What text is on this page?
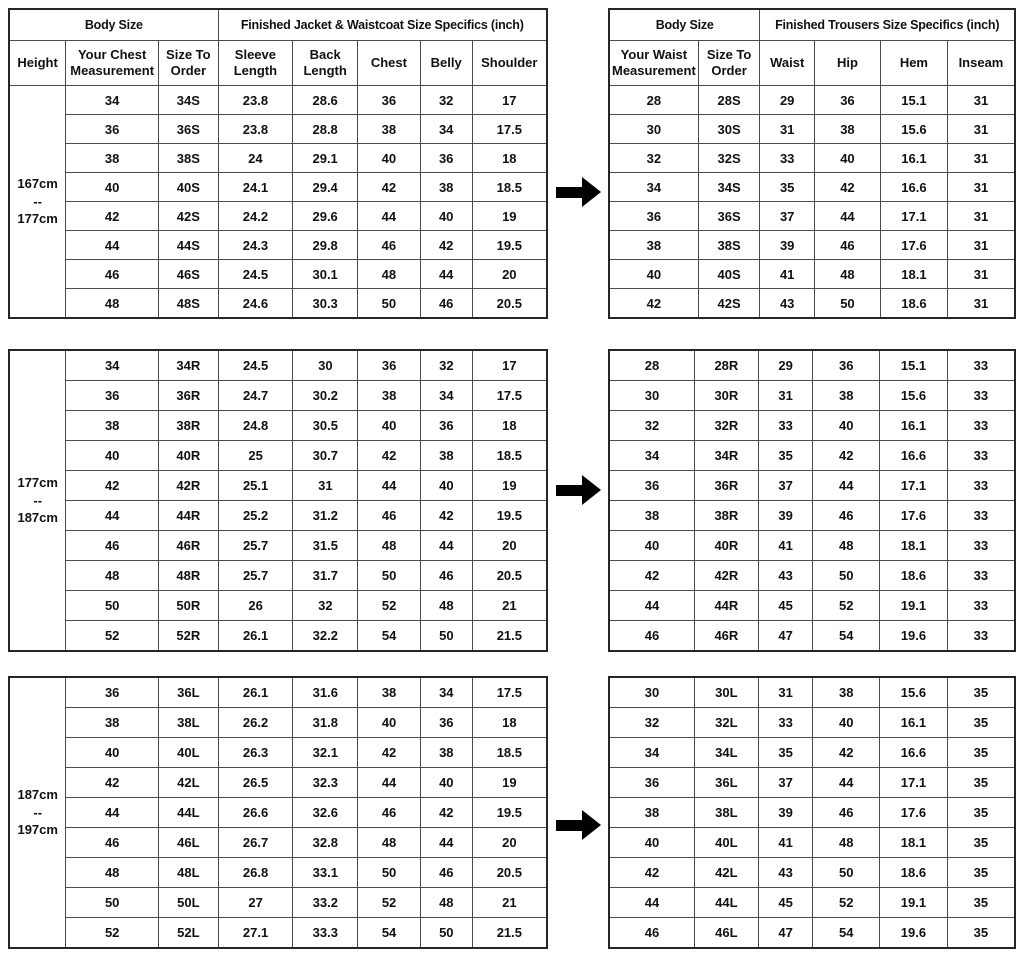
Body Size			Finished Jacket & Waistcoat Size Specifics (inch)				
Height	Your Chest Measurement	Size To Order	Sleeve Length	Back Length	Chest	Belly	Shoulder

167cm
--
177cm	34	34S	23.8	28.6	36	32	17
	36	36S	23.8	28.8	38	34	17.5
	38	38S	24	29.1	40	36	18
	40	40S	24.1	29.4	42	38	18.5
	42	42S	24.2	29.6	44	40	19
	44	44S	24.3	29.8	46	42	19.5
	46	46S	24.5	30.1	48	44	20
	48	48S	24.6	30.3	50	46	20.5
177cm
--
187cm	34	34R	24.5	30	36	32	17
	36	36R	24.7	30.2	38	34	17.5
	38	38R	24.8	30.5	40	36	18
	40	40R	25	30.7	42	38	18.5
	42	42R	25.1	31	44	40	19
	44	44R	25.2	31.2	46	42	19.5
	46	46R	25.7	31.5	48	44	20
	48	48R	25.7	31.7	50	46	20.5
	50	50R	26	32	52	48	21
	52	52R	26.1	32.2	54	50	21.5
187cm
--
197cm	36	36L	26.1	31.6	38	34	17.5
	38	38L	26.2	31.8	40	36	18
	40	40L	26.3	32.1	42	38	18.5
	42	42L	26.5	32.3	44	40	19
	44	44L	26.6	32.6	46	42	19.5
	46	46L	26.7	32.8	48	44	20
	48	48L	26.8	33.1	50	46	20.5
	50	50L	27	33.2	52	48	21
	52	52L	27.1	33.3	54	50	21.5
Body Size		Finished Trousers Size Specifics (inch)			
Your Waist Measurement	Size To Order	Waist	Hip	Hem	Inseam
28	28S	29	36	15.1	31
30	30S	31	38	15.6	31
32	32S	33	40	16.1	31
34	34S	35	42	16.6	31
36	36S	37	44	17.1	31
38	38S	39	46	17.6	31
40	40S	41	48	18.1	31
42	42S	43	50	18.6	31
28	28R	29	36	15.1	33
30	30R	31	38	15.6	33
32	32R	33	40	16.1	33
34	34R	35	42	16.6	33
36	36R	37	44	17.1	33
38	38R	39	46	17.6	33
40	40R	41	48	18.1	33
42	42R	43	50	18.6	33
44	44R	45	52	19.1	33
46	46R	47	54	19.6	33
30	30L	31	38	15.6	35
32	32L	33	40	16.1	35
34	34L	35	42	16.6	35
36	36L	37	44	17.1	35
38	38L	39	46	17.6	35
40	40L	41	48	18.1	35
42	42L	43	50	18.6	35
44	44L	45	52	19.1	35
46	46L	47	54	19.6	35
